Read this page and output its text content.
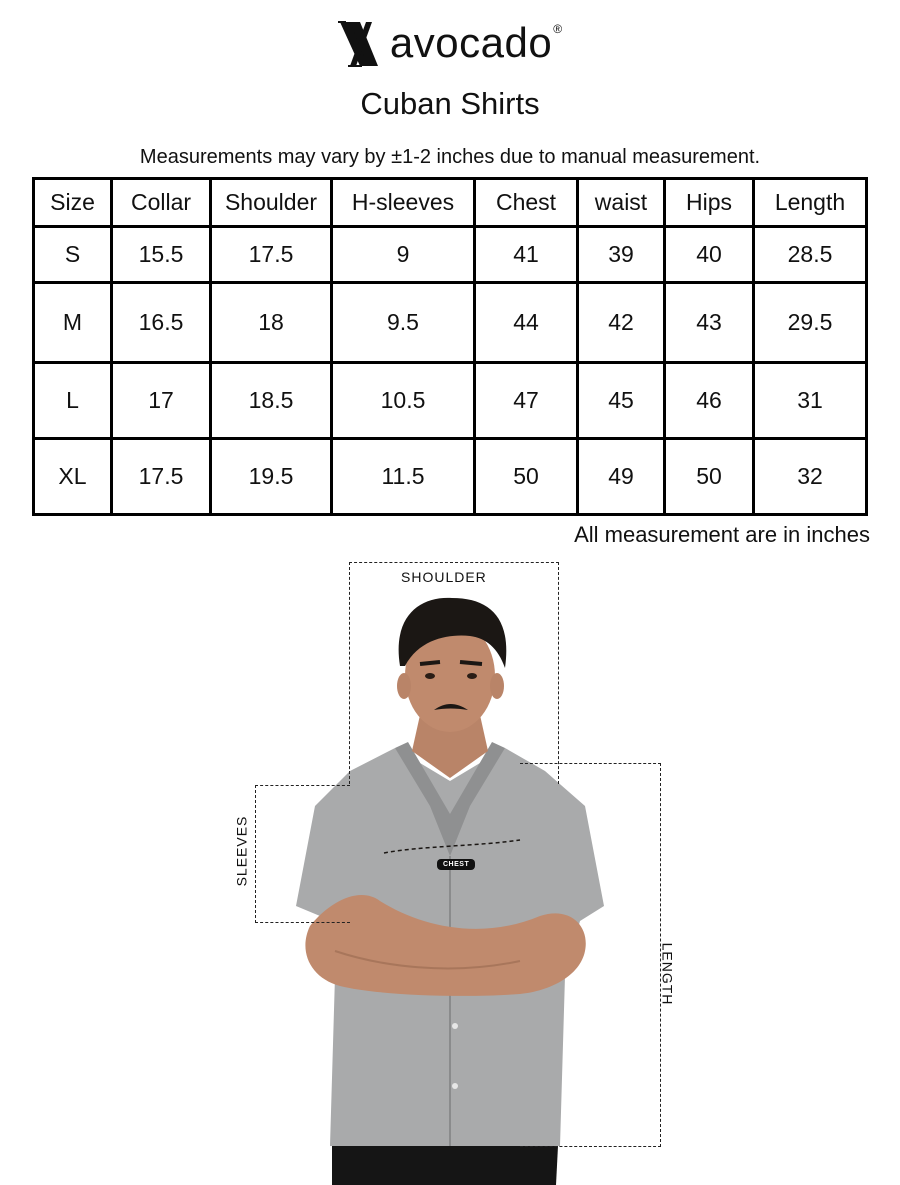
avocado ®
Cuban Shirts

Measurements may vary by ±1-2 inches due to manual measurement.

Size	Collar	Shoulder	H-sleeves	Chest	waist	Hips	Length
S	15.5	17.5	9	41	39	40	28.5
M	16.5	18	9.5	44	42	43	29.5
L	17	18.5	10.5	47	45	46	31
XL	17.5	19.5	11.5	50	49	50	32

All measurement are in inches

SHOULDER
SLEEVES
LENGTH
CHEST
